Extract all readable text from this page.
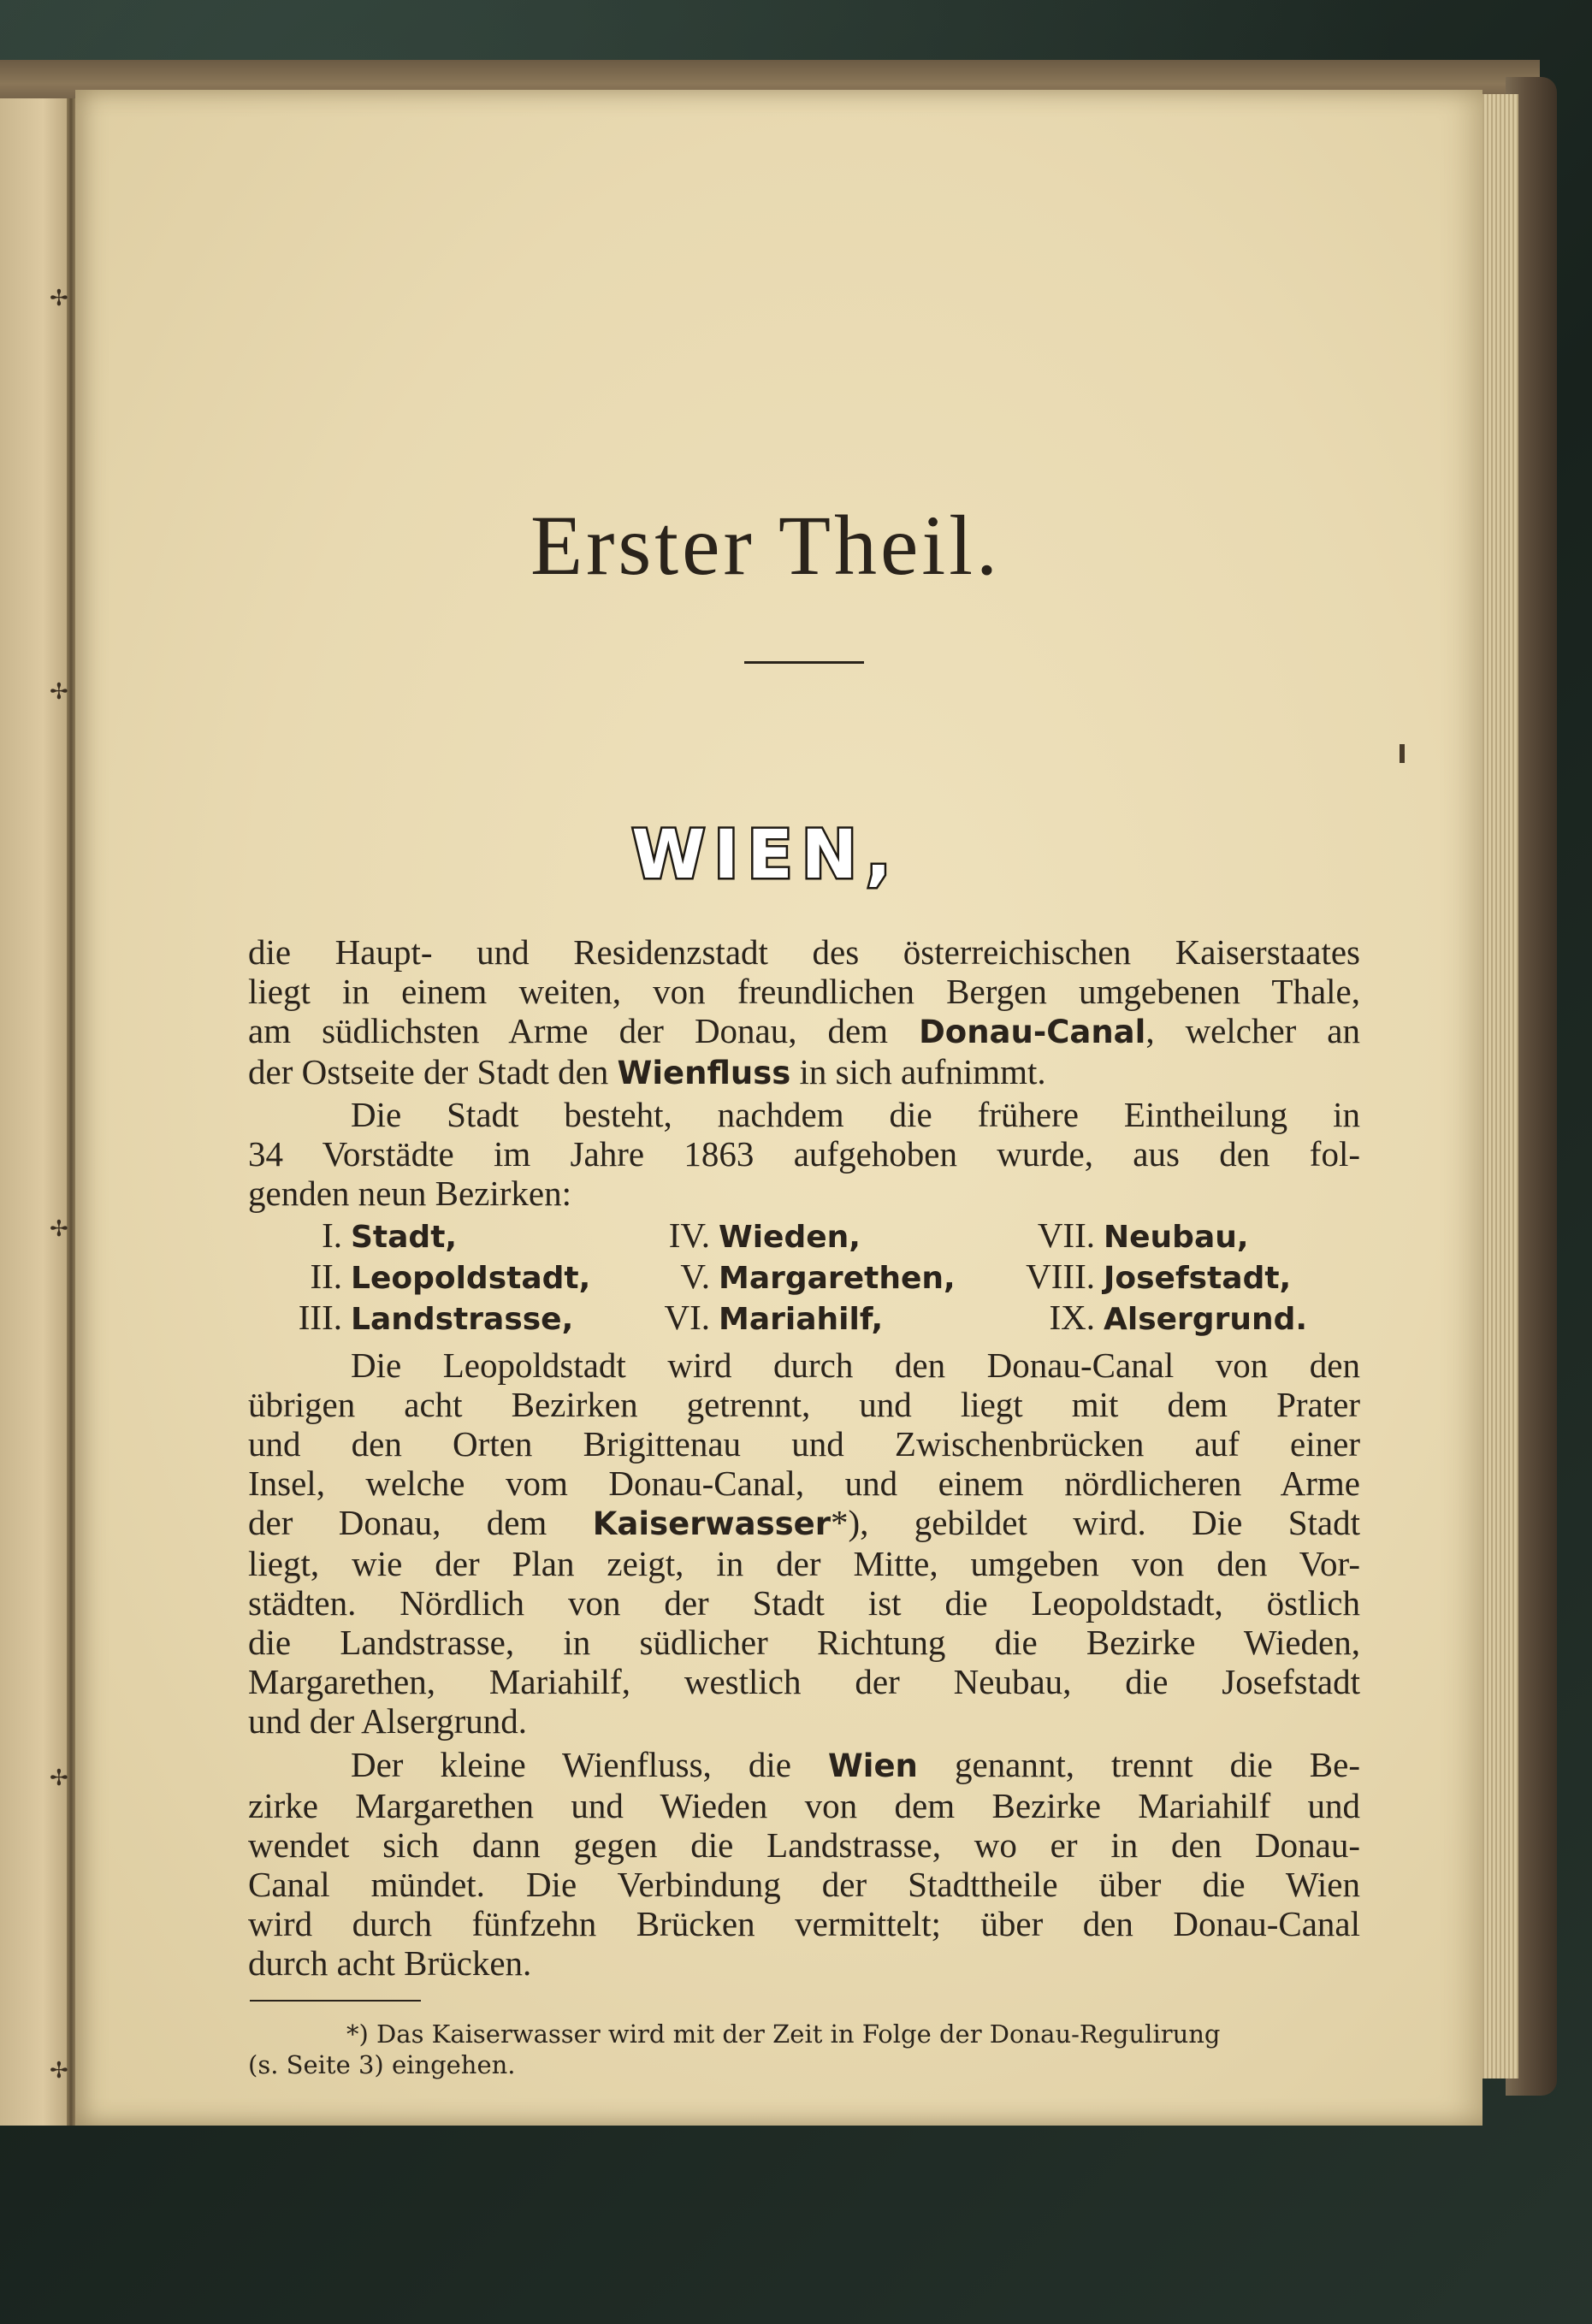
✢
✢
✢
✢
✢
Erster Theil.
WIEN,
die Haupt- und Residenzstadt des österreichischen Kaiserstaates
liegt in einem weiten, von freundlichen Bergen umgebenen Thale,
am südlichsten Arme der Donau, dem Donau-Canal, welcher an
der Ostseite der Stadt den Wienfluss in sich aufnimmt.
Die Stadt besteht, nachdem die frühere Eintheilung in
34 Vorstädte im Jahre 1863 aufgehoben wurde, aus den fol-
genden neun Bezirken:
I. Stadt,	IV. Wieden,	VII. Neubau,
II. Leopoldstadt,	V. Margarethen,	VIII. Josefstadt,
III. Landstrasse,	VI. Mariahilf,	IX. Alsergrund.
Die Leopoldstadt wird durch den Donau-Canal von den
übrigen acht Bezirken getrennt, und liegt mit dem Prater
und den Orten Brigittenau und Zwischenbrücken auf einer
Insel, welche vom Donau-Canal, und einem nördlicheren Arme
der Donau, dem Kaiserwasser*), gebildet wird. Die Stadt
liegt, wie der Plan zeigt, in der Mitte, umgeben von den Vor-
städten. Nördlich von der Stadt ist die Leopoldstadt, östlich
die Landstrasse, in südlicher Richtung die Bezirke Wieden,
Margarethen, Mariahilf, westlich der Neubau, die Josefstadt
und der Alsergrund.
Der kleine Wienfluss, die Wien genannt, trennt die Be-
zirke Margarethen und Wieden von dem Bezirke Mariahilf und
wendet sich dann gegen die Landstrasse, wo er in den Donau-
Canal mündet. Die Verbindung der Stadttheile über die Wien
wird durch fünfzehn Brücken vermittelt; über den Donau-Canal
durch acht Brücken.
*) Das Kaiserwasser wird mit der Zeit in Folge der Donau-Regulirung
(s. Seite 3) eingehen.
